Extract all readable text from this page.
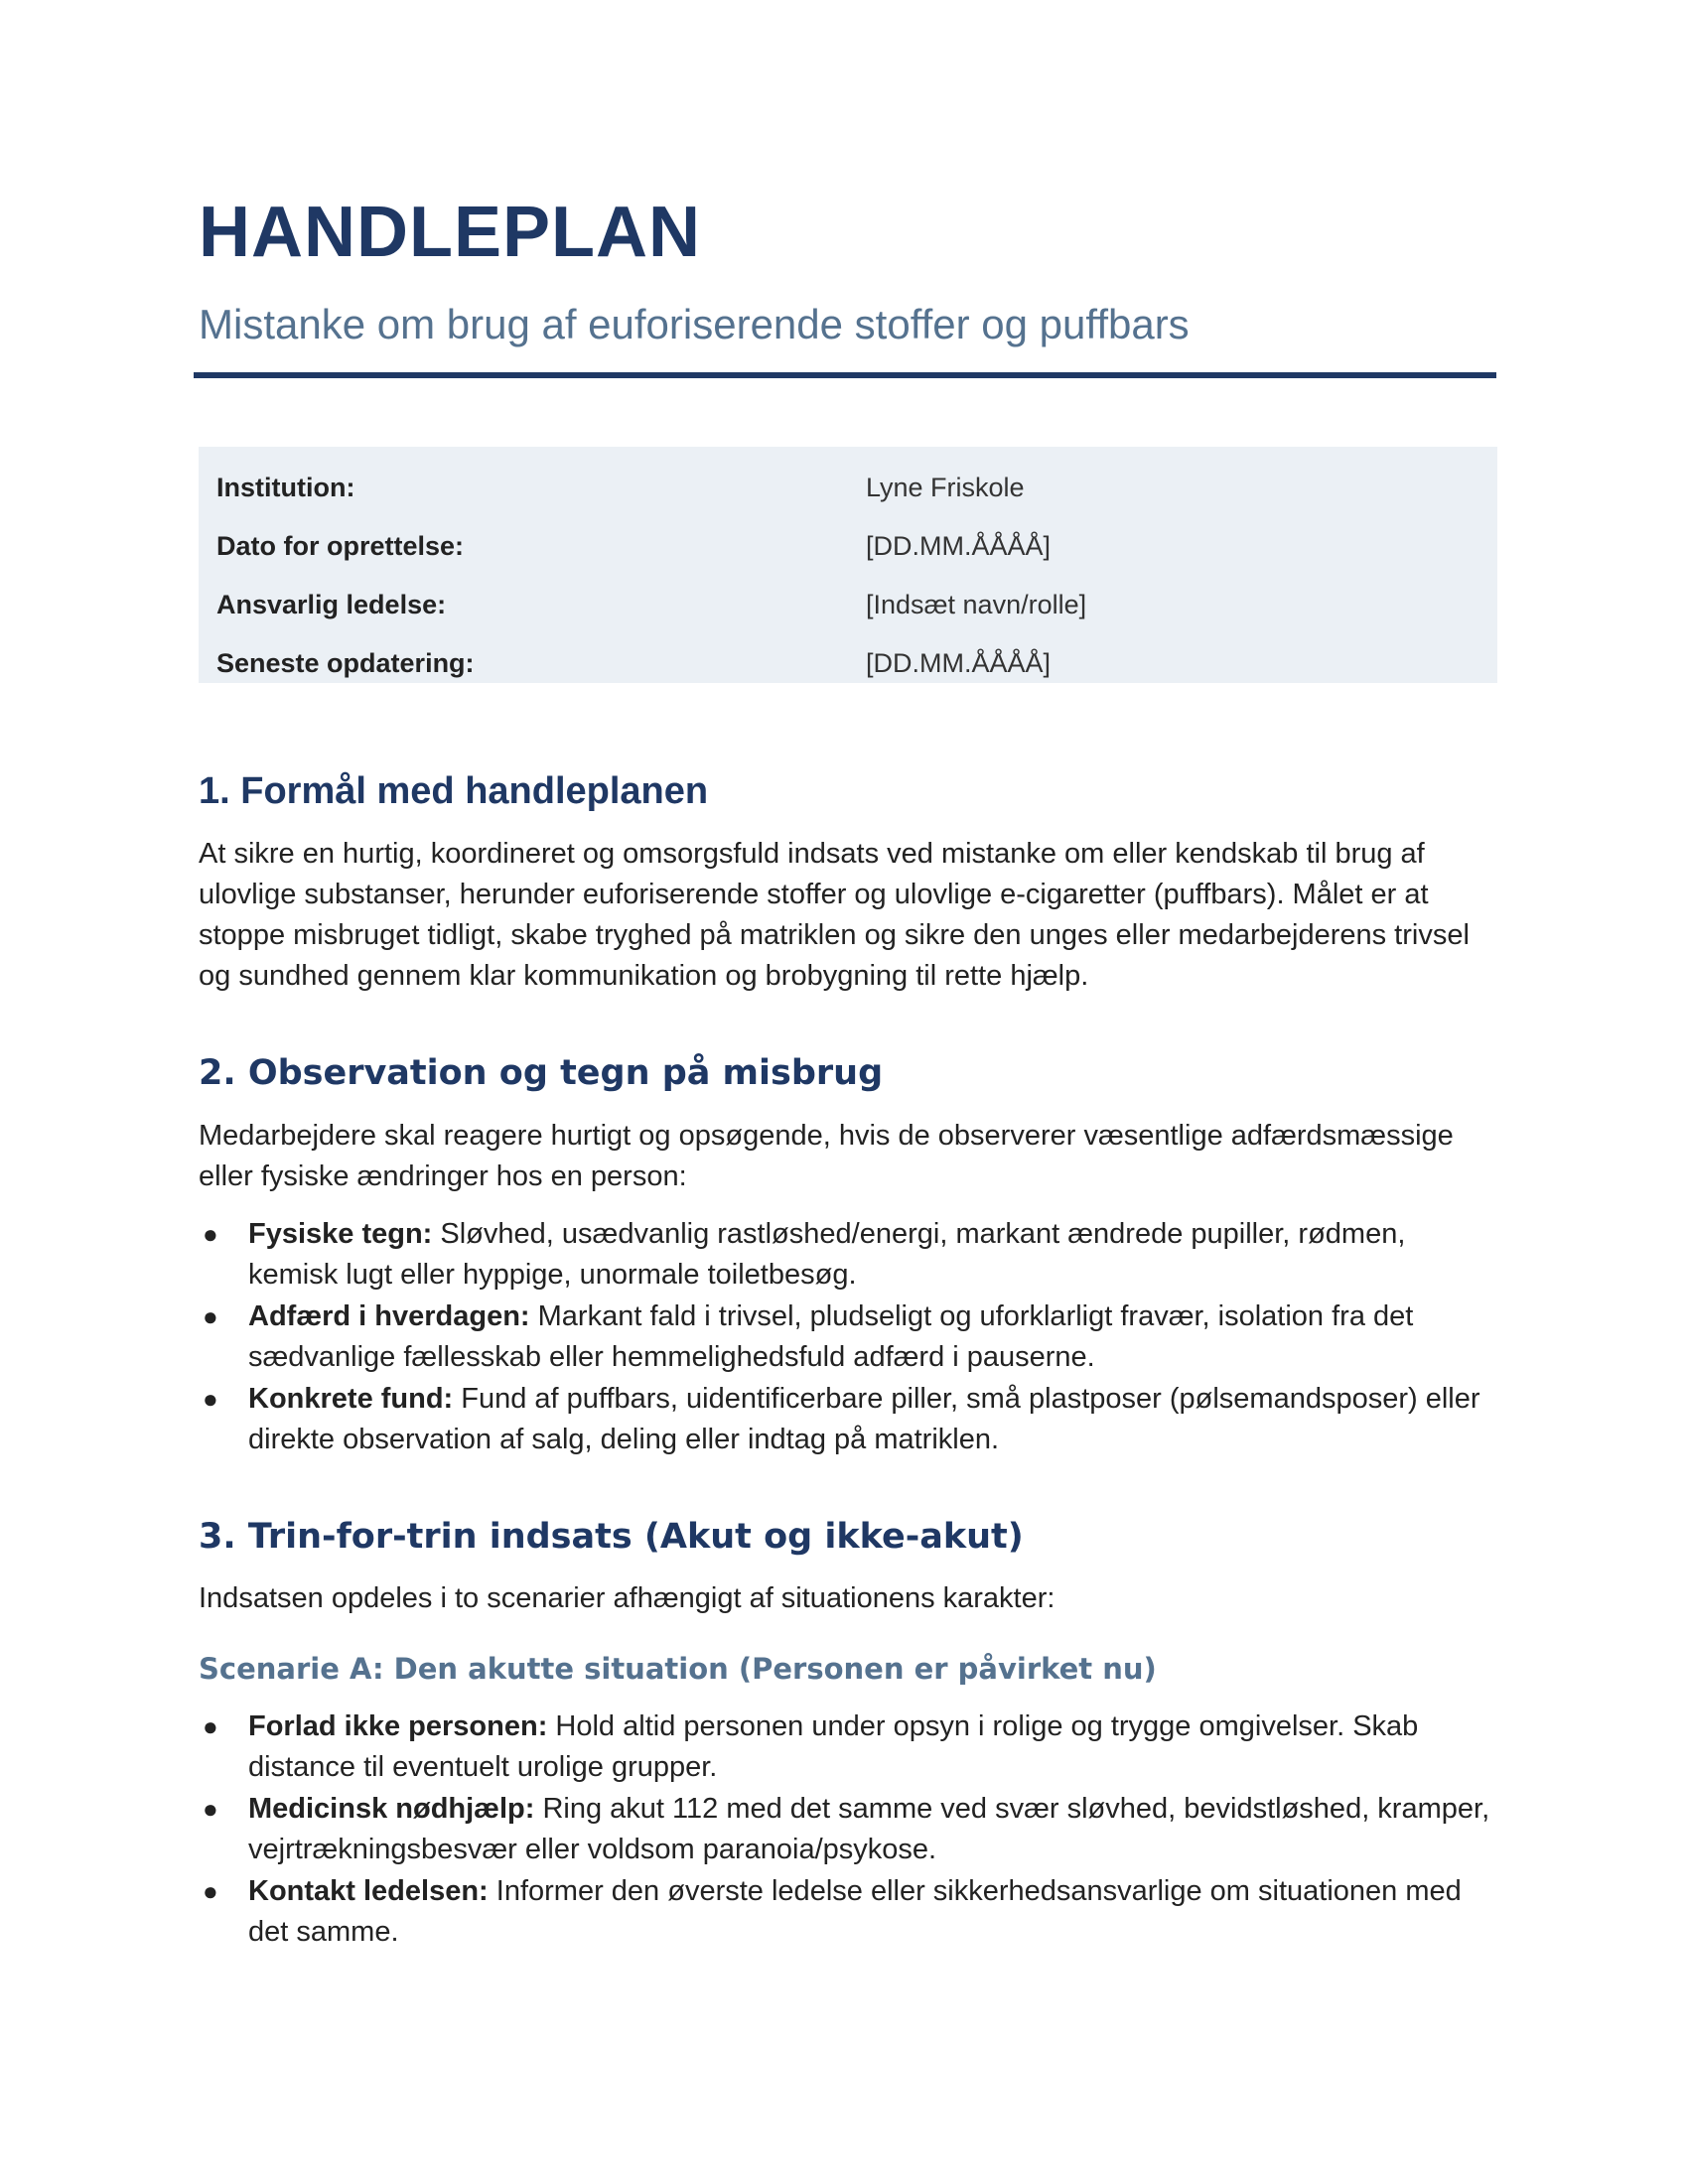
HANDLEPLAN
Mistanke om brug af euforiserende stoffer og puffbars
Institution:	Lyne Friskole
Dato for oprettelse:	[DD.MM.ÅÅÅÅ]
Ansvarlig ledelse:	[Indsæt navn/rolle]
Seneste opdatering:	[DD.MM.ÅÅÅÅ]
1. Formål med handleplanen
At sikre en hurtig, koordineret og omsorgsfuld indsats ved mistanke om eller kendskab til brug af ulovlige substanser, herunder euforiserende stoffer og ulovlige e-cigaretter (puffbars). Målet er at stoppe misbruget tidligt, skabe tryghed på matriklen og sikre den unges eller medarbejderens trivsel og sundhed gennem klar kommunikation og brobygning til rette hjælp.
2. Observation og tegn på misbrug
Medarbejdere skal reagere hurtigt og opsøgende, hvis de observerer væsentlige adfærdsmæssige eller fysiske ændringer hos en person:
● Fysiske tegn: Sløvhed, usædvanlig rastløshed/energi, markant ændrede pupiller, rødmen, kemisk lugt eller hyppige, unormale toiletbesøg.
● Adfærd i hverdagen: Markant fald i trivsel, pludseligt og uforklarligt fravær, isolation fra det sædvanlige fællesskab eller hemmelighedsfuld adfærd i pauserne.
● Konkrete fund: Fund af puffbars, uidentificerbare piller, små plastposer (pølsemandsposer) eller direkte observation af salg, deling eller indtag på matriklen.
3. Trin-for-trin indsats (Akut og ikke-akut)
Indsatsen opdeles i to scenarier afhængigt af situationens karakter:
Scenarie A: Den akutte situation (Personen er påvirket nu)
● Forlad ikke personen: Hold altid personen under opsyn i rolige og trygge omgivelser. Skab distance til eventuelt urolige grupper.
● Medicinsk nødhjælp: Ring akut 112 med det samme ved svær sløvhed, bevidstløshed, kramper, vejrtrækningsbesvær eller voldsom paranoia/psykose.
● Kontakt ledelsen: Informer den øverste ledelse eller sikkerhedsansvarlige om situationen med det samme.
